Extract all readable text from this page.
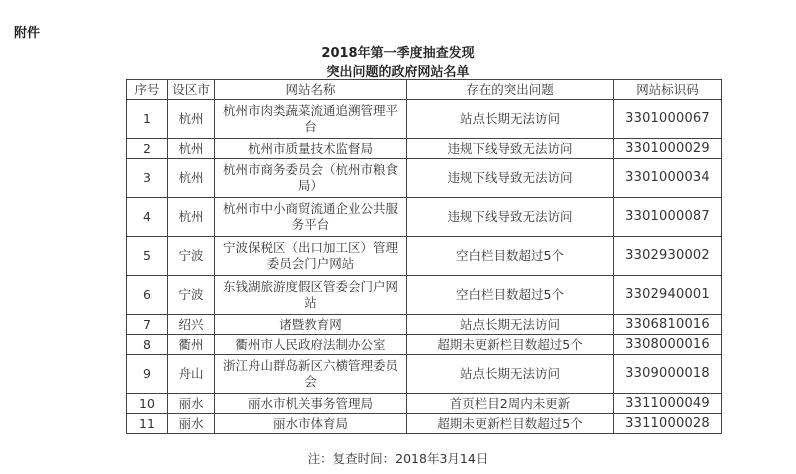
附件
2018年第一季度抽查发现
突出问题的政府网站名单
序号	设区市	网站名称	存在的突出问题	网站标识码
1	杭州	杭州市肉类蔬菜流通追溯管理平台	站点长期无法访问	3301000067
2	杭州	杭州市质量技术监督局	违规下线导致无法访问	3301000029
3	杭州	杭州市商务委员会（杭州市粮食局）	违规下线导致无法访问	3301000034
4	杭州	杭州市中小商贸流通企业公共服务平台	违规下线导致无法访问	3301000087
5	宁波	宁波保税区（出口加工区）管理委员会门户网站	空白栏目数超过5个	3302930002
6	宁波	东钱湖旅游度假区管委会门户网站	空白栏目数超过5个	3302940001
7	绍兴	诸暨教育网	站点长期无法访问	3306810016
8	衢州	衢州市人民政府法制办公室	超期未更新栏目数超过5个	3308000016
9	舟山	浙江舟山群岛新区六横管理委员会	站点长期无法访问	3309000018
10	丽水	丽水市机关事务管理局	首页栏目2周内未更新	3311000049
11	丽水	丽水市体育局	超期未更新栏目数超过5个	3311000028
注：复查时间：2018年3月14日
